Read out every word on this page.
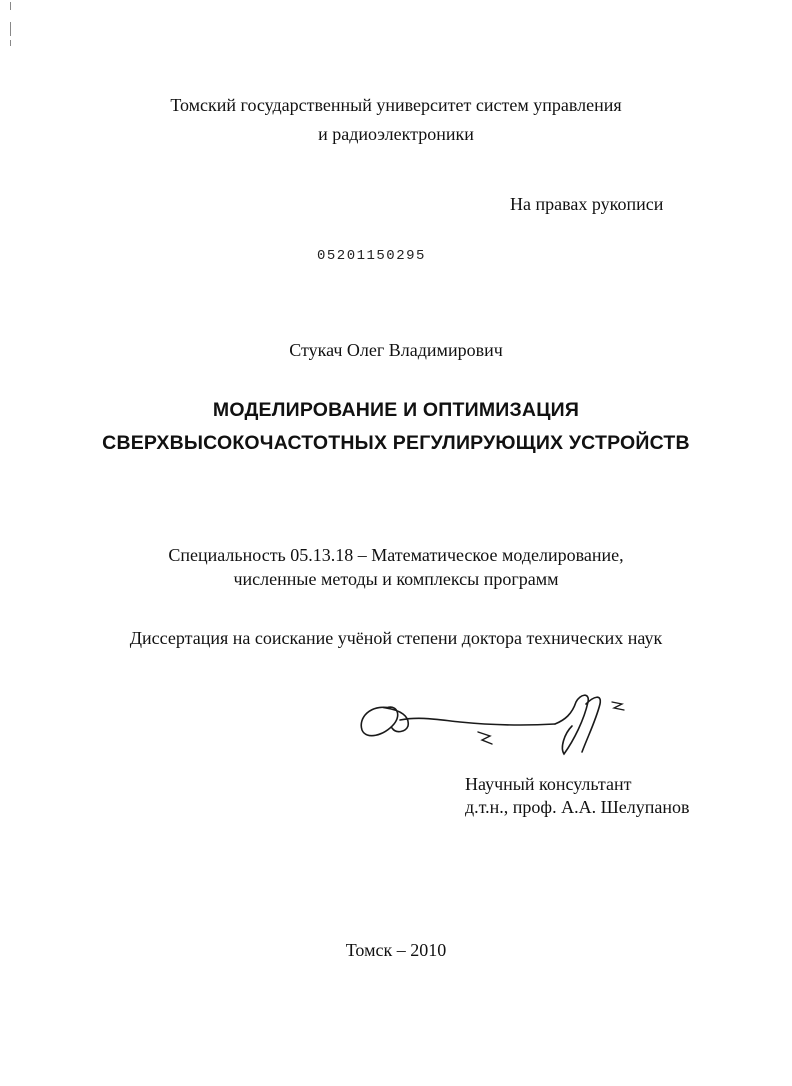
Томский государственный университет систем управления
и радиоэлектроники
На правах рукописи
05201150295
Стукач Олег Владимирович
МОДЕЛИРОВАНИЕ И ОПТИМИЗАЦИЯ
СВЕРХВЫСОКОЧАСТОТНЫХ РЕГУЛИРУЮЩИХ УСТРОЙСТВ
Специальность 05.13.18 – Математическое моделирование,
численные методы и комплексы программ
Диссертация на соискание учёной степени доктора технических наук
Научный консультант
д.т.н., проф. А.А. Шелупанов
Томск – 2010
